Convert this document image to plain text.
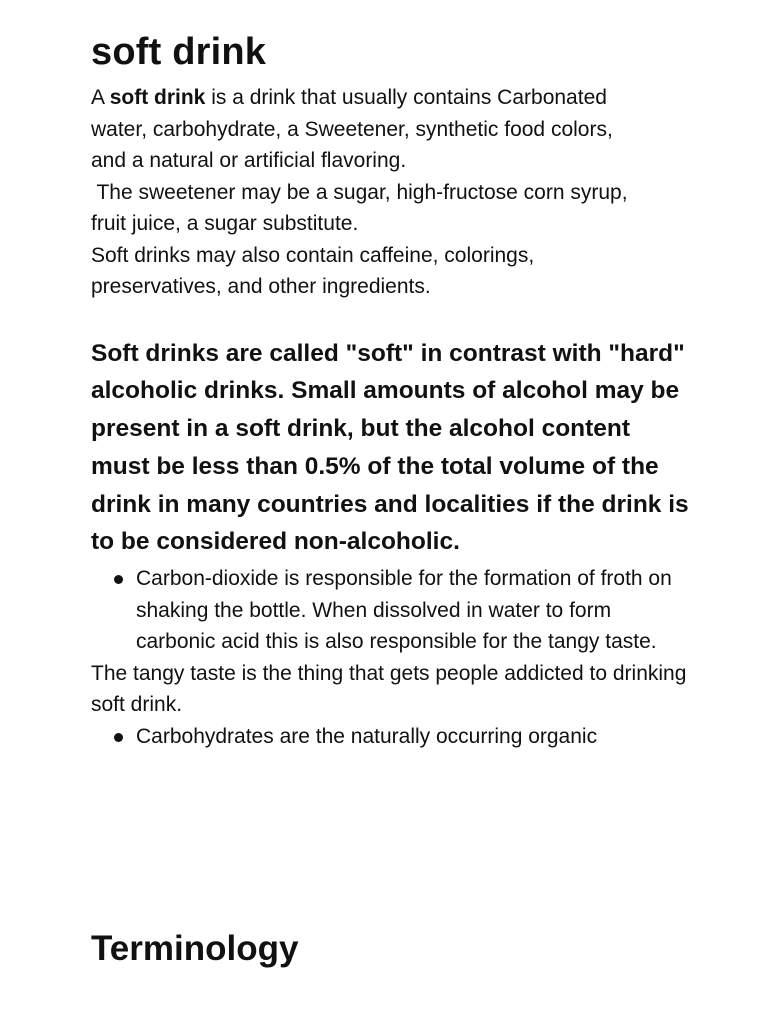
soft drink

A soft drink is a drink that usually contains Carbonated
water, carbohydrate, a Sweetener, synthetic food colors,
and a natural or artificial flavoring.
The sweetener may be a sugar, high-fructose corn syrup,
fruit juice, a sugar substitute.
Soft drinks may also contain caffeine, colorings,
preservatives, and other ingredients.

Soft drinks are called "soft" in contrast with "hard" alcoholic drinks. Small amounts of alcohol may be present in a soft drink, but the alcohol content must be less than 0.5% of the total volume of the drink in many countries and localities if the drink is to be considered non-alcoholic.

Carbon-dioxide is responsible for the formation of froth on shaking the bottle. When dissolved in water to form carbonic acid this is also responsible for the tangy taste.

The tangy taste is the thing that gets people addicted to drinking soft drink.

Carbohydrates are the naturally occurring organic
Terminology
